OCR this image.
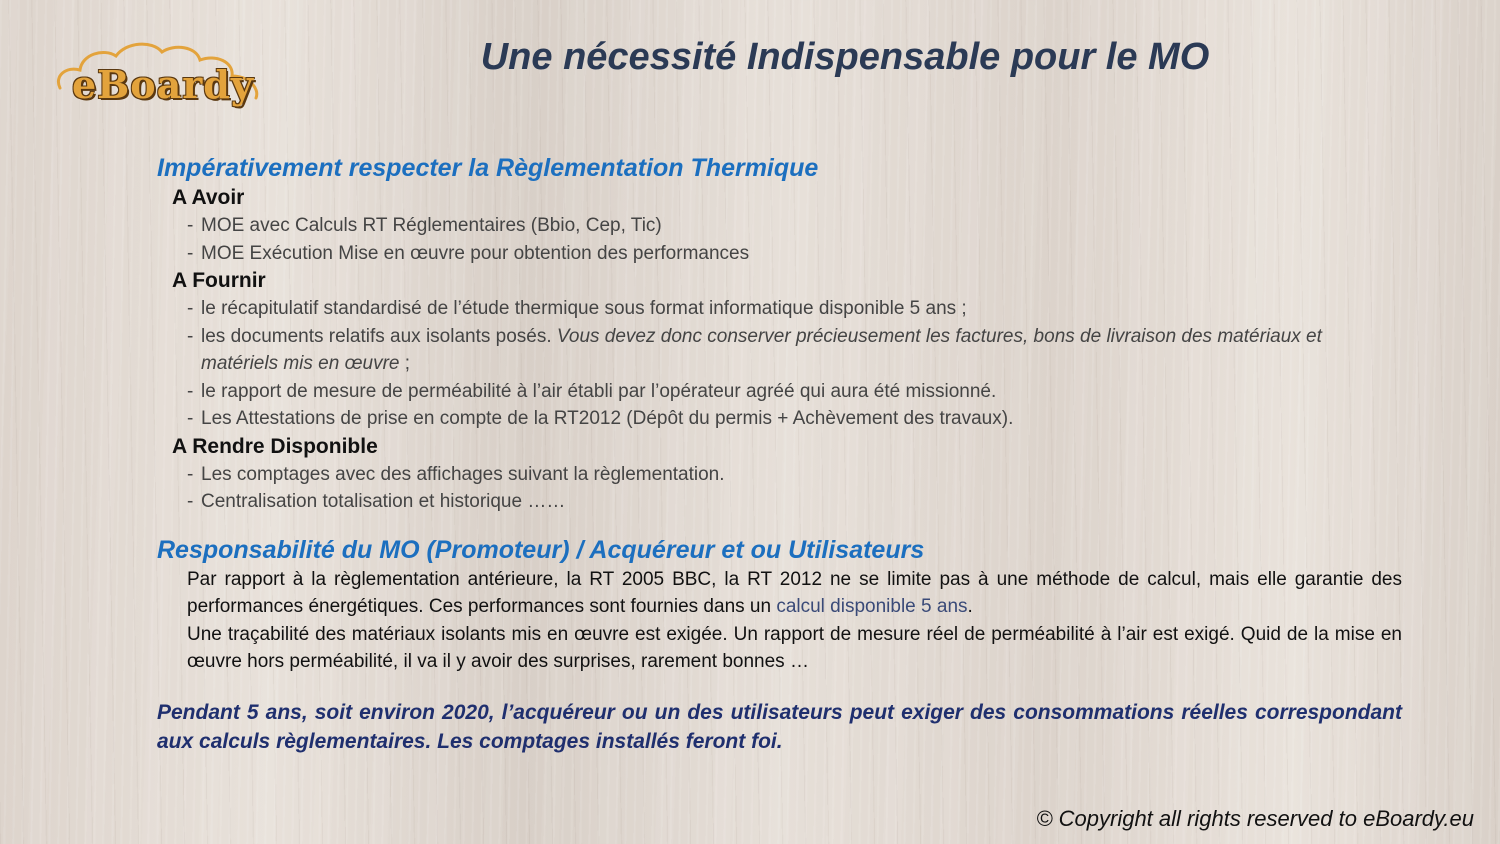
eBoardy
Une nécessité Indispensable pour le MO
Impérativement respecter la Règlementation Thermique
A Avoir
- MOE avec Calculs RT Réglementaires (Bbio, Cep, Tic)
- MOE Exécution Mise en œuvre pour obtention des performances
A Fournir
- le récapitulatif standardisé de l’étude thermique sous format informatique disponible 5 ans ;
- les documents relatifs aux isolants posés. Vous devez donc conserver précieusement les factures, bons de livraison des matériaux et matériels mis en œuvre ;
- le rapport de mesure de perméabilité à l’air établi par l’opérateur agréé qui aura été missionné.
- Les Attestations de prise en compte de la RT2012 (Dépôt du permis + Achèvement des travaux).
A Rendre Disponible
- Les comptages avec des affichages suivant la règlementation.
- Centralisation totalisation et historique ……
Responsabilité du MO (Promoteur) / Acquéreur et ou Utilisateurs

Par rapport à la règlementation antérieure, la RT 2005 BBC, la RT 2012 ne se limite pas à une méthode de calcul, mais elle garantie des performances énergétiques. Ces performances sont fournies dans un calcul disponible 5 ans.

Une traçabilité des matériaux isolants mis en œuvre est exigée. Un rapport de mesure réel de perméabilité à l’air est exigé. Quid de la mise en œuvre hors perméabilité, il va il y avoir des surprises, rarement bonnes …

Pendant 5 ans, soit environ 2020, l’acquéreur ou un des utilisateurs peut exiger des consommations réelles correspondant aux calculs règlementaires. Les comptages installés feront foi.

© Copyright all rights reserved to eBoardy.eu
